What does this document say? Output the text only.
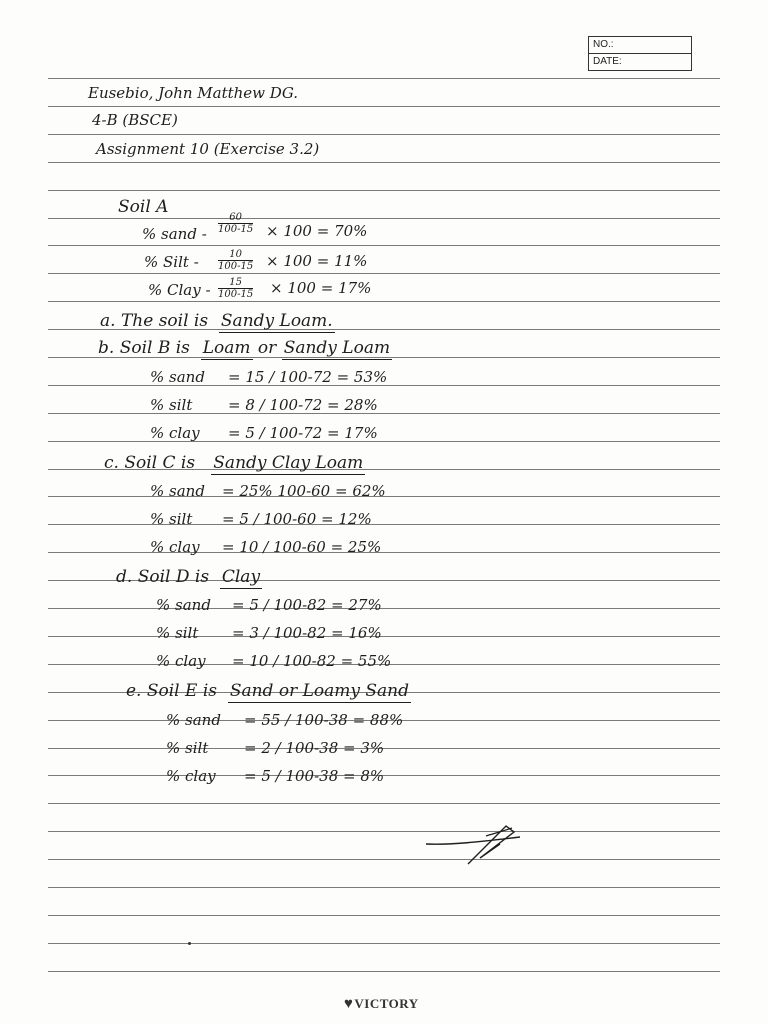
NO.:
DATE:
Eusebio, John Matthew DG.
4-B (BSCE)
Assignment 10 (Exercise 3.2)
Soil A
% sand - $\frac{60}{100-15} \times 100 = 70\%$
% Silt - $\frac{10}{100-15} \times 100 = 11\%$
% Clay - $\frac{15}{100-15} \times 100 = 17\%$
a. The soil is Sandy Loam.
b. Soil B is Loam or Sandy Loam
% sand = 15 / 100-72 = 53%
% silt = 8 / 100-72 = 28%
% clay = 5 / 100-72 = 17%
c. Soil C is Sandy Clay Loam
% sand = 25% 100-60 = 62%
% silt = 5 / 100-60 = 12%
% clay = 10 / 100-60 = 25%
d. Soil D is Clay
% sand = 5 / 100-82 = 27%
% silt = 3 / 100-82 = 16%
% clay = 10 / 100-82 = 55%
e. Soil E is Sand or Loamy Sand
% sand = 55 / 100-38 = 88%
% silt = 2 / 100-38 = 3%
% clay = 5 / 100-38 = 8%
♥VICTORY
